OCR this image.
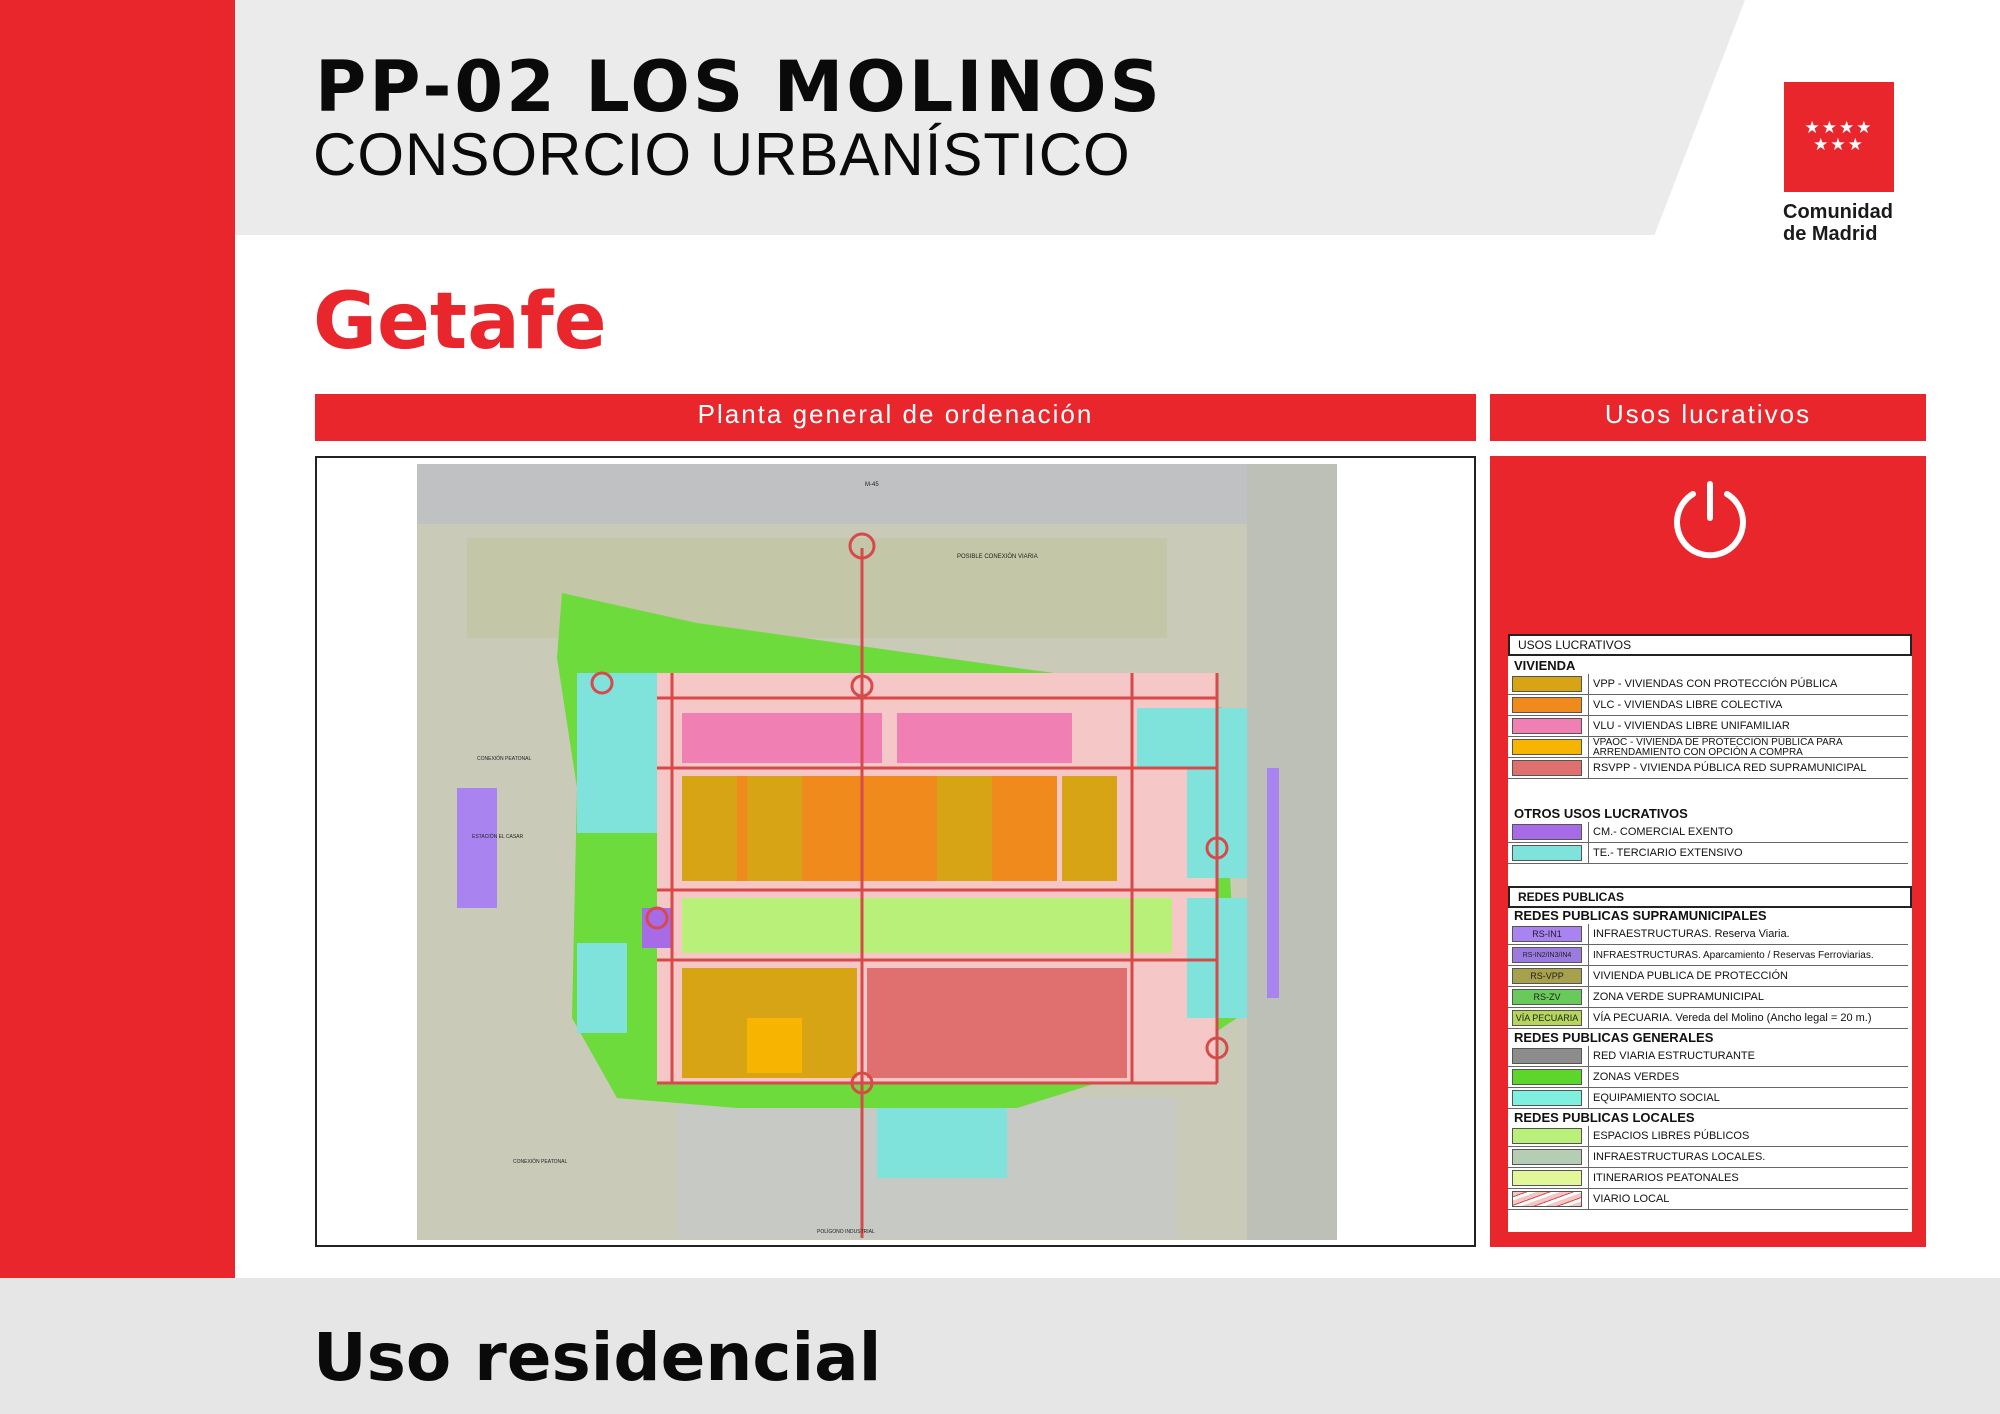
PP-02 LOS MOLINOS
CONSORCIO URBANÍSTICO	★★★★
★★★
Comunidad
de Madrid
Getafe
Planta general de ordenación	Usos lucrativos
POSIBLE CONEXIÓN VIARIA
M-45
CONEXIÓN PEATONAL
ESTACIÓN EL CASAR
CONEXIÓN PEATONAL
POLÍGONO INDUSTRIAL
USOS LUCRATIVOS
VIVIENDA
VPP - VIVIENDAS CON PROTECCIÓN PÚBLICA
VLC - VIVIENDAS LIBRE COLECTIVA
VLU - VIVIENDAS LIBRE UNIFAMILIAR
VPAOC - VIVIENDA DE PROTECCIÓN PÚBLICA PARA ARRENDAMIENTO CON OPCIÓN A COMPRA
RSVPP - VIVIENDA PÚBLICA RED SUPRAMUNICIPAL
OTROS USOS LUCRATIVOS
CM.- COMERCIAL EXENTO
TE.- TERCIARIO EXTENSIVO
REDES PUBLICAS
REDES PUBLICAS SUPRAMUNICIPALES
RS-IN1	INFRAESTRUCTURAS. Reserva Viaria.
RS-IN2/IN3/IN4	INFRAESTRUCTURAS. Aparcamiento / Reservas Ferroviarias.
RS-VPP	VIVIENDA PUBLICA DE PROTECCIÓN
RS-ZV	ZONA VERDE SUPRAMUNICIPAL
VÍA PECUARIA	VÍA PECUARIA. Vereda del Molino (Ancho legal = 20 m.)
REDES PUBLICAS GENERALES
RED VIARIA ESTRUCTURANTE
ZONAS VERDES
EQUIPAMIENTO SOCIAL
REDES PUBLICAS LOCALES
ESPACIOS LIBRES PÚBLICOS
INFRAESTRUCTURAS LOCALES.
ITINERARIOS PEATONALES
VIARIO LOCAL
Uso residencial
